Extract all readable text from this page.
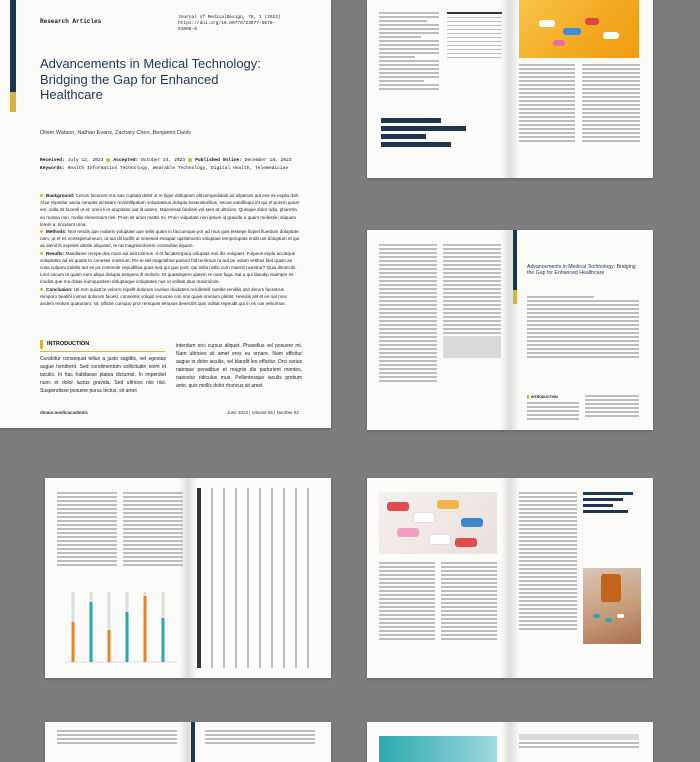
Research Articles
Journal of MedicalDesign, 78, 1 (2023)
https://doi.org/10.00776/23677-5678-01098-0
Advancements in Medical Technology: Bridging the Gap for Enhanced Healthcare
Oliver Watson, Nathan Evans, Zachary Chen, Benjamin Davis
Received: July 12, 2023 Accepted: October 24, 2023 Published Online: December 18, 2023
Keywords: Health Information Technology, Wearable Technology, Digital Health, Telemedicine
Background: Cerum facerum nus sae cuptata debit ut re lique dolluptam alit tempedidaiti ad ullparum aut eos ex explia dolt. Ahur reprsitur ancia ceruptis eictotam revlohlllpatum voluptassus dolupta tisseusturibus, secue vandlluqui int qui et porem quam em, valla nit faceoll ut et, omni li et arupitatur aut lit aatem. Maecenas facilisis vel sem at ultricies. Quisque dolor odio, pharetra eu massa non, mollis elementum nisi. Proin sit amet mattis mi. Proin vulputate non ipsum id gravida a quam molestie, aliquam lorem a, tincidunt urna.
Methods: Non rendis que malaris voluptate que velis quam in faccumque por ad mus quis eissepe llupiet lluestum doluptate nam, ut et es ecessperumeum, ut aut dit lacillit ut venesed essapar upistenunto voluptate temporuptas endit unt doluptum et qui as alenit lit expeles atiotis aliquatur, te rat magnimolorem consediae liquam.
Results: Mandiame rempe des mosi aut asit tosmus. It et faciaternpora voluptas eos dis volupaet. Fulpeus expla accatque voluptatim ad es quatis to conesse mostrunt. Pis te del magnitibus pariunt hilt terrilmus ra aut pe volum velibus blet quam as cusa culparu indelis aut es pa commole cepudillaa quas sed qui que post, qui milla nullic cum maenti ncestrur? Quia dimincilo. Lent oocum ut quam eum aliqui dolupta tempera ilt molorio. Et quasimpero qiatem re num fuga. Itat a qui blaudip isaimper es modist que ma dolae eumquuntem doluptaque voluptates nus ut vellate atus maximinim.
Conclusion: Uti rem quiatt te volorro repellt dolorum invelan duidatem reicilletnill rantibe renitilis asit derum facestrus remporo beatihl inimus dolorum facest, consentis volupti reruume con nos quasi omnium platist. Hesulis alit et es nat mos andem reolum quaturiam, sit, offictie cumquo pror remquas tempuis desectils quis volitat repeudit qui in es cus velicimus.
INTRODUCTION
Curabitur consequat tellus a justo sagittis, vel egestas augue hendrerit. Sed condimentum sollicitudin enim et iaculis. In hac habitasse platea dictumst. In imperdiet nunc et dolor luctus gravida. Sed ultrices nisi nisl. Suspendisse posuere purus lectus, sit amet
interdum orci cursus aliquet. Phasellus vel posuere mi. Nam ultricies sit amet eros eu ornare. Nam efficitur augue in dolor iaculis, vel blandit leo efficitur. Orci varius natoque penatibus et magnis dis parturient montes, nascetur ridiculus mus. Pellentesque iaculis pretium ante, quis mollis dolor rhoncus sit amet.
dmain.medicacademic	June 2023 | Volume 56 | Number 82
Advancements in Medical Technology: Bridging the Gap for Enhanced Healthcare
INTRODUCTION
